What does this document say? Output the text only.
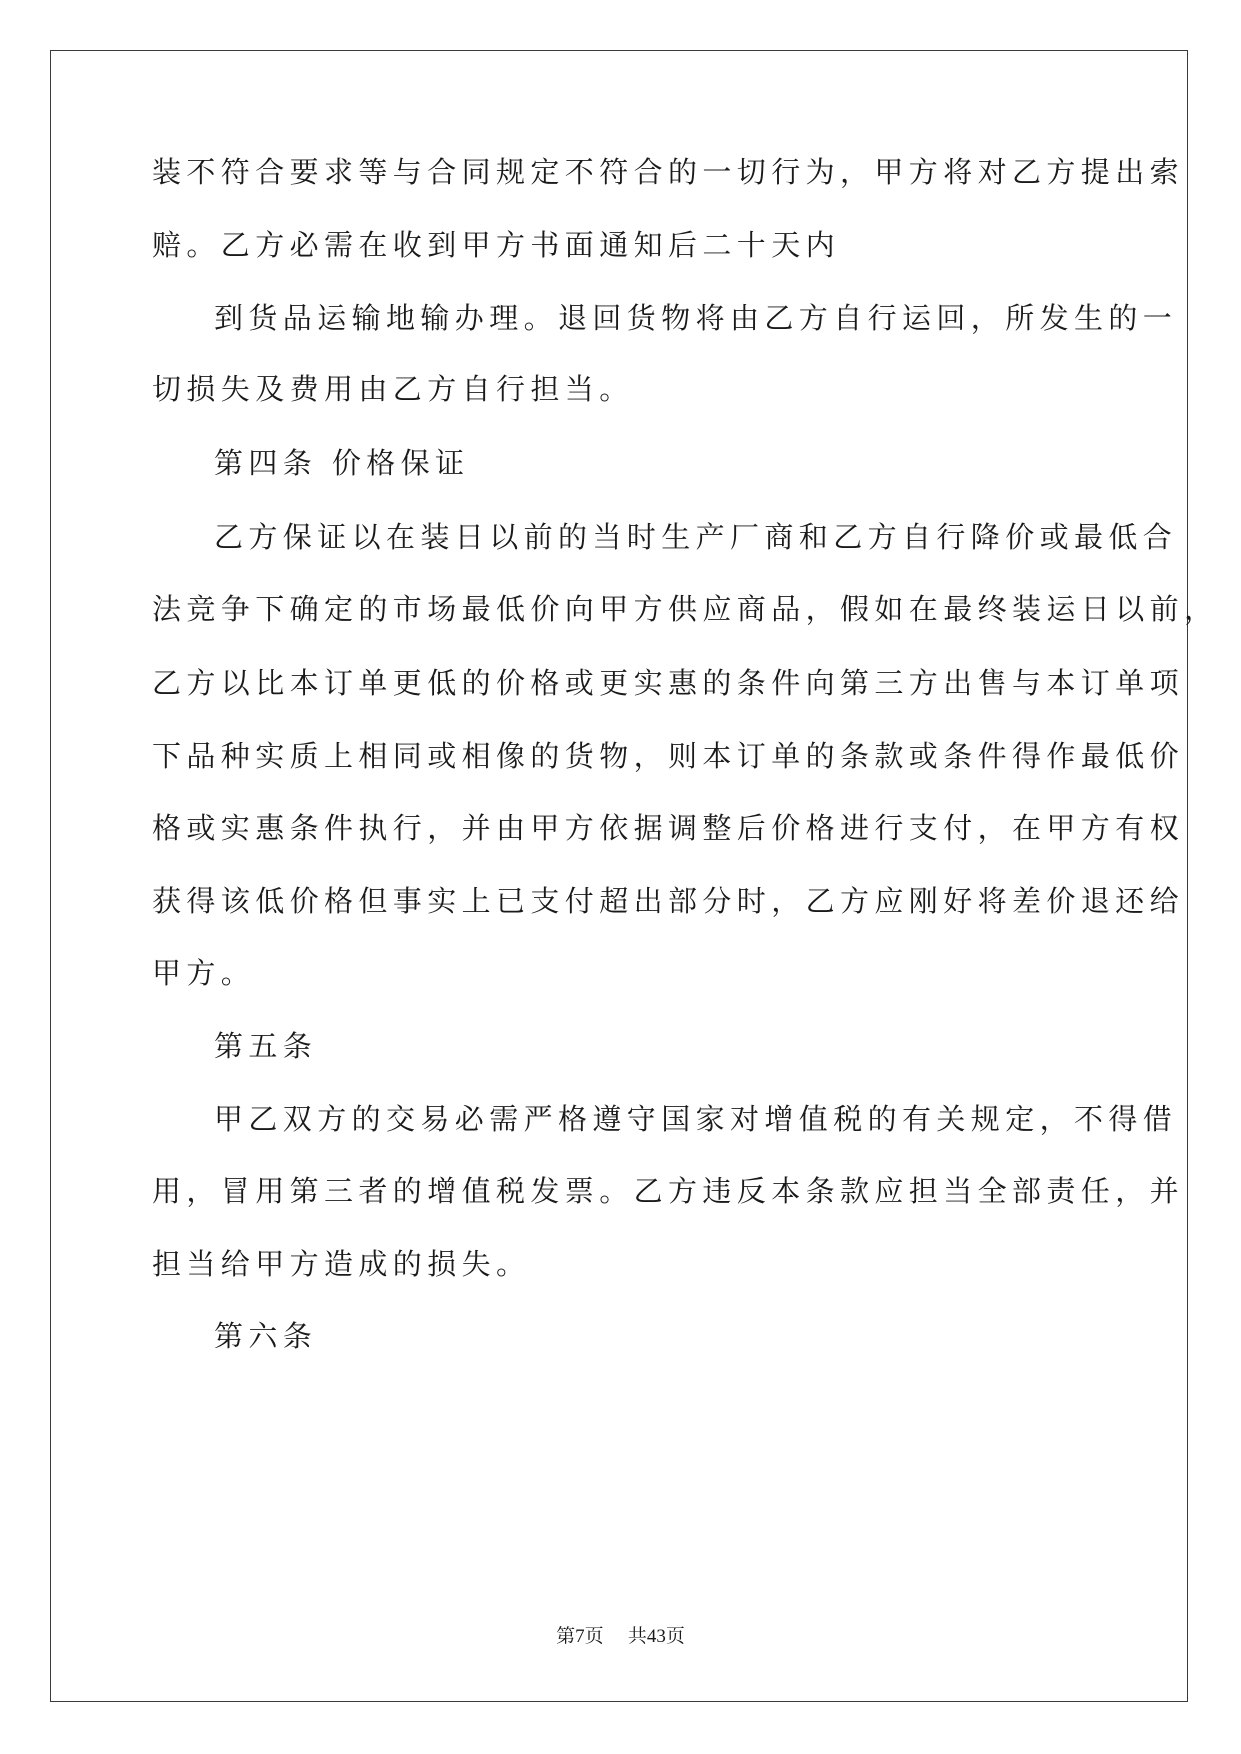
装不符合要求等与合同规定不符合的一切行为，甲方将对乙方提出索
赔。乙方必需在收到甲方书面通知后二十天内
到货品运输地输办理。退回货物将由乙方自行运回，所发生的一
切损失及费用由乙方自行担当。
第四条 价格保证
乙方保证以在装日以前的当时生产厂商和乙方自行降价或最低合
法竞争下确定的市场最低价向甲方供应商品，假如在最终装运日以前，
乙方以比本订单更低的价格或更实惠的条件向第三方出售与本订单项
下品种实质上相同或相像的货物，则本订单的条款或条件得作最低价
格或实惠条件执行，并由甲方依据调整后价格进行支付，在甲方有权
获得该低价格但事实上已支付超出部分时，乙方应刚好将差价退还给
甲方。
第五条
甲乙双方的交易必需严格遵守国家对增值税的有关规定，不得借
用，冒用第三者的增值税发票。乙方违反本条款应担当全部责任，并
担当给甲方造成的损失。
第六条
第7页 共43页
